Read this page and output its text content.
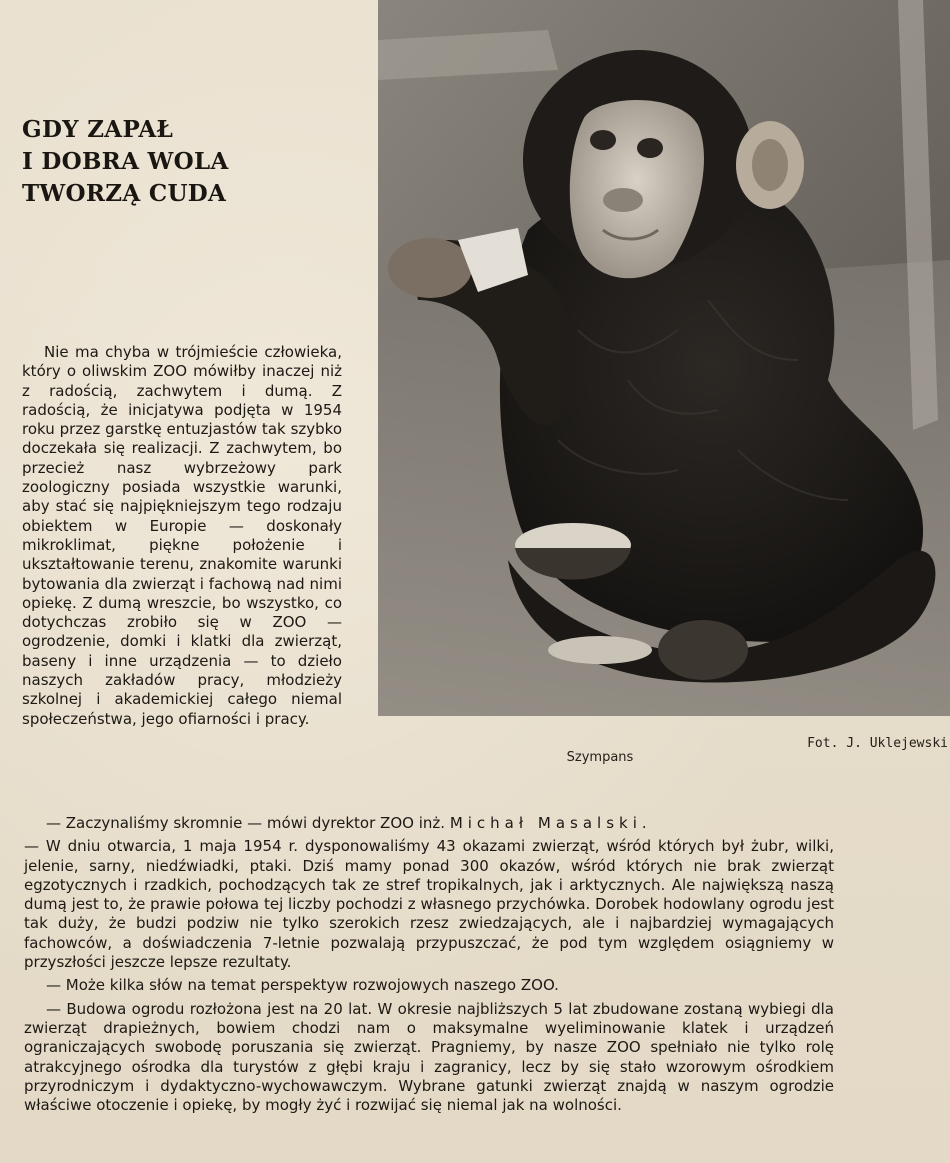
GDY ZAPAŁ
I DOBRA WOLA
TWORZĄ CUDA
Szympans
Fot. J. Uklejewski

Nie ma chyba w trójmieście człowieka, który o oliwskim ZOO mówiłby inaczej niż z radością, zachwytem i dumą. Z radością, że inicjatywa podjęta w 1954 roku przez garstkę entuzjastów tak szybko doczekała się realizacji. Z zachwytem, bo przecież nasz wybrzeżowy park zoologiczny posiada wszystkie warunki, aby stać się najpiękniejszym tego rodzaju obiektem w Europie — doskonały mikroklimat, piękne położenie i ukształtowanie terenu, znakomite warunki bytowania dla zwierząt i fachową nad nimi opiekę. Z dumą wreszcie, bo wszystko, co dotychczas zrobiło się w ZOO — ogrodzenie, domki i klatki dla zwierząt, baseny i inne urządzenia — to dzieło naszych zakładów pracy, młodzieży szkolnej i akademickiej całego niemal społeczeństwa, jego ofiarności i pracy.

— Zaczynaliśmy skromnie — mówi dyrektor ZOO inż. Michał Masalski.

— W dniu otwarcia, 1 maja 1954 r. dysponowaliśmy 43 okazami zwierząt, wśród których był żubr, wilki, jelenie, sarny, niedźwiadki, ptaki. Dziś mamy ponad 300 okazów, wśród których nie brak zwierząt egzotycznych i rzadkich, pochodzących tak ze stref tropikalnych, jak i arktycznych. Ale największą naszą dumą jest to, że prawie połowa tej liczby pochodzi z własnego przychówka. Dorobek hodowlany ogrodu jest tak duży, że budzi podziw nie tylko szerokich rzesz zwiedzających, ale i najbardziej wymagających fachowców, a doświadczenia 7-letnie pozwalają przypuszczać, że pod tym względem osiągniemy w przyszłości jeszcze lepsze rezultaty.

— Może kilka słów na temat perspektyw rozwojowych naszego ZOO.

— Budowa ogrodu rozłożona jest na 20 lat. W okresie najbliższych 5 lat zbudowane zostaną wybiegi dla zwierząt drapieżnych, bowiem chodzi nam o maksymalne wyeliminowanie klatek i urządzeń ograniczających swobodę poruszania się zwierząt. Pragniemy, by nasze ZOO spełniało nie tylko rolę atrakcyjnego ośrodka dla turystów z głębi kraju i zagranicy, lecz by się stało wzorowym ośrodkiem przyrodniczym i dydaktyczno-wychowawczym. Wybrane gatunki zwierząt znajdą w naszym ogrodzie właściwe otoczenie i opiekę, by mogły żyć i rozwijać się niemal jak na wolności.
